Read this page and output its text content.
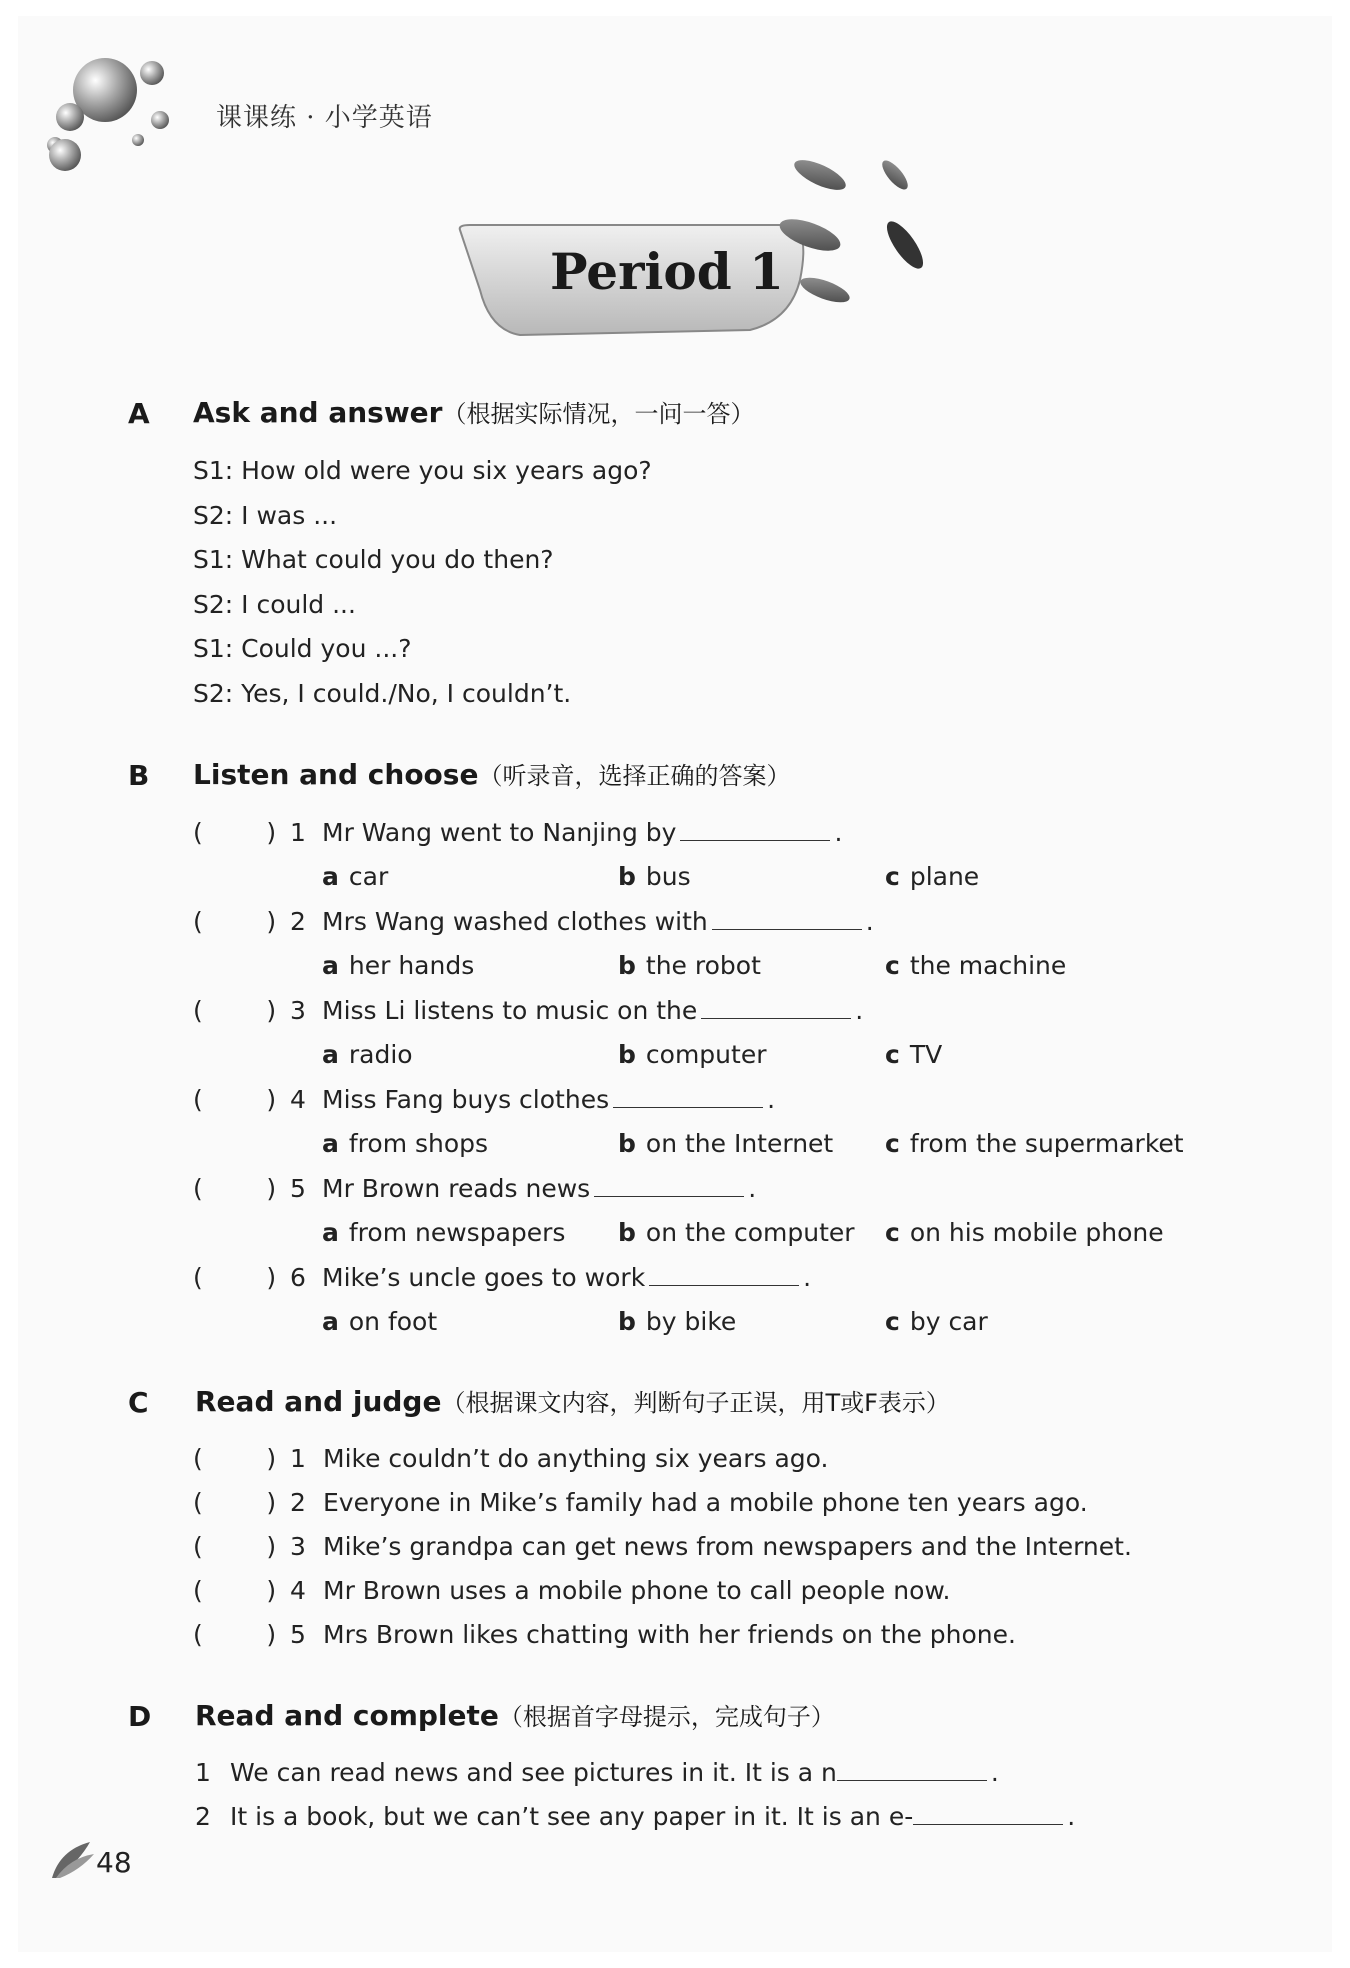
课课练 · 小学英语
Period 1
A Ask and answer（根据实际情况，一问一答）
S1: How old were you six years ago?
S2: I was ...
S1: What could you do then?
S2: I could ...
S1: Could you ...?
S2: Yes, I could./No, I couldn’t.
B Listen and choose（听录音，选择正确的答案）
(        ) 1 Mr Wang went to Nanjing by	.
a car	b bus	c plane
(        ) 2 Mrs Wang washed clothes with	.
a her hands	b the robot	c the machine
(        ) 3 Miss Li listens to music on the	.
a radio	b computer	c TV
(        ) 4 Miss Fang buys clothes	.
a from shops	b on the Internet c from the supermarket
(        ) 5 Mr Brown reads news	.
a from newspapers b on the computer c on his mobile phone
(        ) 6 Mike’s uncle goes to work	.
a on foot	b by bike	c by car
C Read and judge（根据课文内容，判断句子正误，用T或F表示）
(        ) 1 Mike couldn’t do anything six years ago.
(        ) 2 Everyone in Mike’s family had a mobile phone ten years ago.
(        ) 3 Mike’s grandpa can get news from newspapers and the Internet.
(        ) 4 Mr Brown uses a mobile phone to call people now.
(        ) 5 Mrs Brown likes chatting with her friends on the phone.
D Read and complete（根据首字母提示，完成句子）
1 We can read news and see pictures in it. It is a n	.
2 It is a book, but we can’t see any paper in it. It is an e-	.
48
